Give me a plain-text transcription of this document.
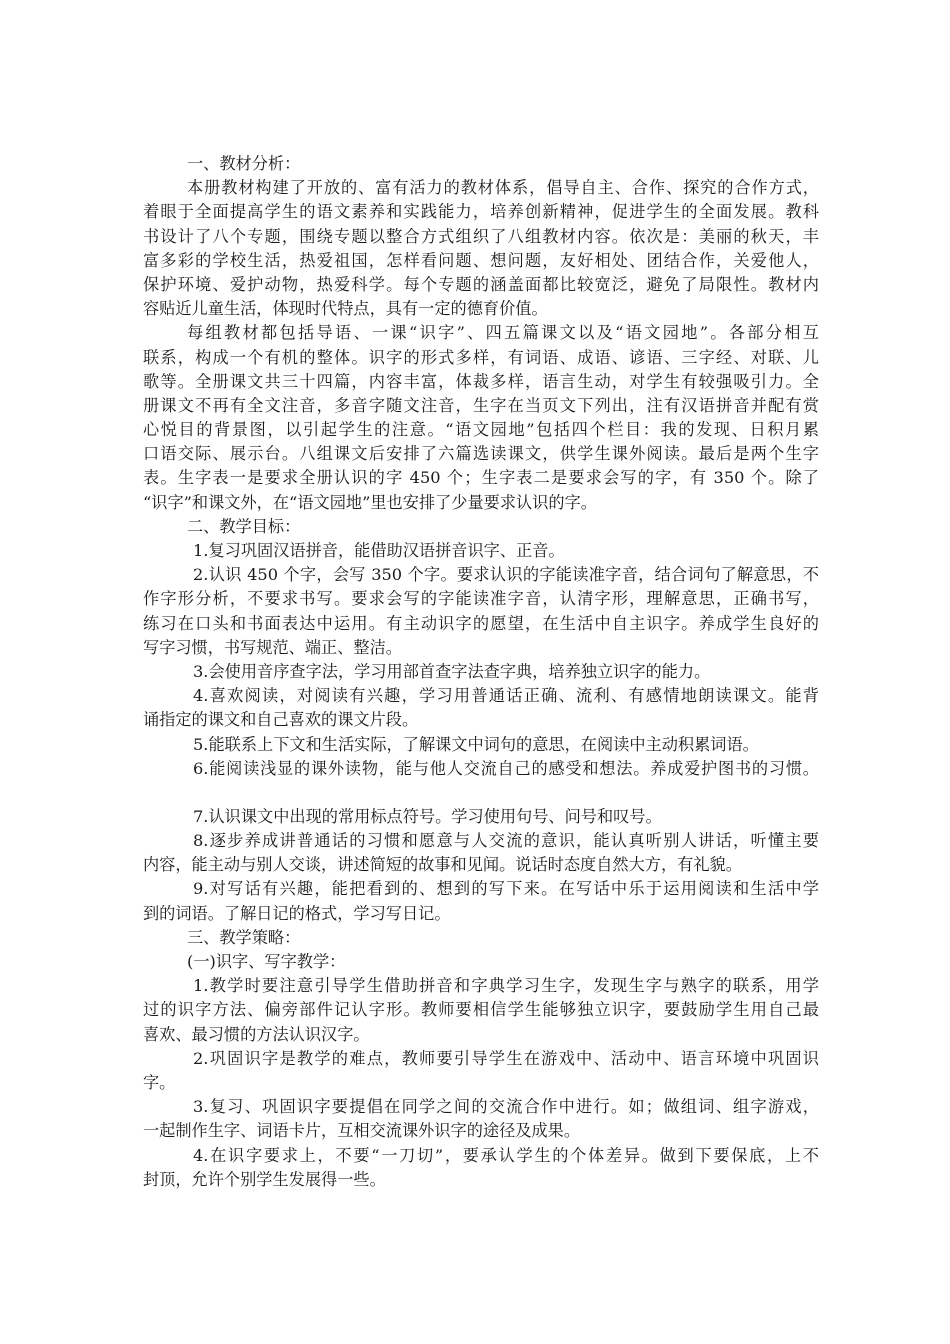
一、教材分析：
本册教材构建了开放的、富有活力的教材体系，倡导自主、合作、探究的合作方式，
着眼于全面提高学生的语文素养和实践能力，培养创新精神，促进学生的全面发展。教科
书设计了八个专题，围绕专题以整合方式组织了八组教材内容。依次是：美丽的秋天，丰
富多彩的学校生活，热爱祖国，怎样看问题、想问题，友好相处、团结合作，关爱他人，
保护环境、爱护动物，热爱科学。每个专题的涵盖面都比较宽泛，避免了局限性。教材内
容贴近儿童生活，体现时代特点，具有一定的德育价值。
每组教材都包括导语、一课“识字”、四五篇课文以及“语文园地”。各部分相互
联系，构成一个有机的整体。识字的形式多样，有词语、成语、谚语、三字经、对联、儿
歌等。全册课文共三十四篇，内容丰富，体裁多样，语言生动，对学生有较强吸引力。全
册课文不再有全文注音，多音字随文注音，生字在当页文下列出，注有汉语拼音并配有赏
心悦目的背景图，以引起学生的注意。“语文园地”包括四个栏目：我的发现、日积月累
口语交际、展示台。八组课文后安排了六篇选读课文，供学生课外阅读。最后是两个生字
表。生字表一是要求全册认识的字 450 个；生字表二是要求会写的字，有 350 个。除了
“识字”和课文外，在“语文园地”里也安排了少量要求认识的字。
二、教学目标：
1.复习巩固汉语拼音，能借助汉语拼音识字、正音。
2.认识 450 个字，会写 350 个字。要求认识的字能读准字音，结合词句了解意思，不
作字形分析，不要求书写。要求会写的字能读准字音，认清字形，理解意思，正确书写，
练习在口头和书面表达中运用。有主动识字的愿望，在生活中自主识字。养成学生良好的
写字习惯，书写规范、端正、整洁。
3.会使用音序查字法，学习用部首查字法查字典，培养独立识字的能力。
4.喜欢阅读，对阅读有兴趣，学习用普通话正确、流利、有感情地朗读课文。能背
诵指定的课文和自己喜欢的课文片段。
5.能联系上下文和生活实际，了解课文中词句的意思，在阅读中主动积累词语。
6.能阅读浅显的课外读物，能与他人交流自己的感受和想法。养成爱护图书的习惯。
7.认识课文中出现的常用标点符号。学习使用句号、问号和叹号。
8.逐步养成讲普通话的习惯和愿意与人交流的意识，能认真听别人讲话，听懂主要
内容，能主动与别人交谈，讲述简短的故事和见闻。说话时态度自然大方，有礼貌。
9.对写话有兴趣，能把看到的、想到的写下来。在写话中乐于运用阅读和生活中学
到的词语。了解日记的格式，学习写日记。
三、教学策略：
(一)识字、写字教学：
1.教学时要注意引导学生借助拼音和字典学习生字，发现生字与熟字的联系，用学
过的识字方法、偏旁部件记认字形。教师要相信学生能够独立识字，要鼓励学生用自己最
喜欢、最习惯的方法认识汉字。
2.巩固识字是教学的难点，教师要引导学生在游戏中、活动中、语言环境中巩固识
字。
3.复习、巩固识字要提倡在同学之间的交流合作中进行。如；做组词、组字游戏，
一起制作生字、词语卡片，互相交流课外识字的途径及成果。
4.在识字要求上，不要“一刀切”，要承认学生的个体差异。做到下要保底，上不
封顶，允许个别学生发展得一些。
